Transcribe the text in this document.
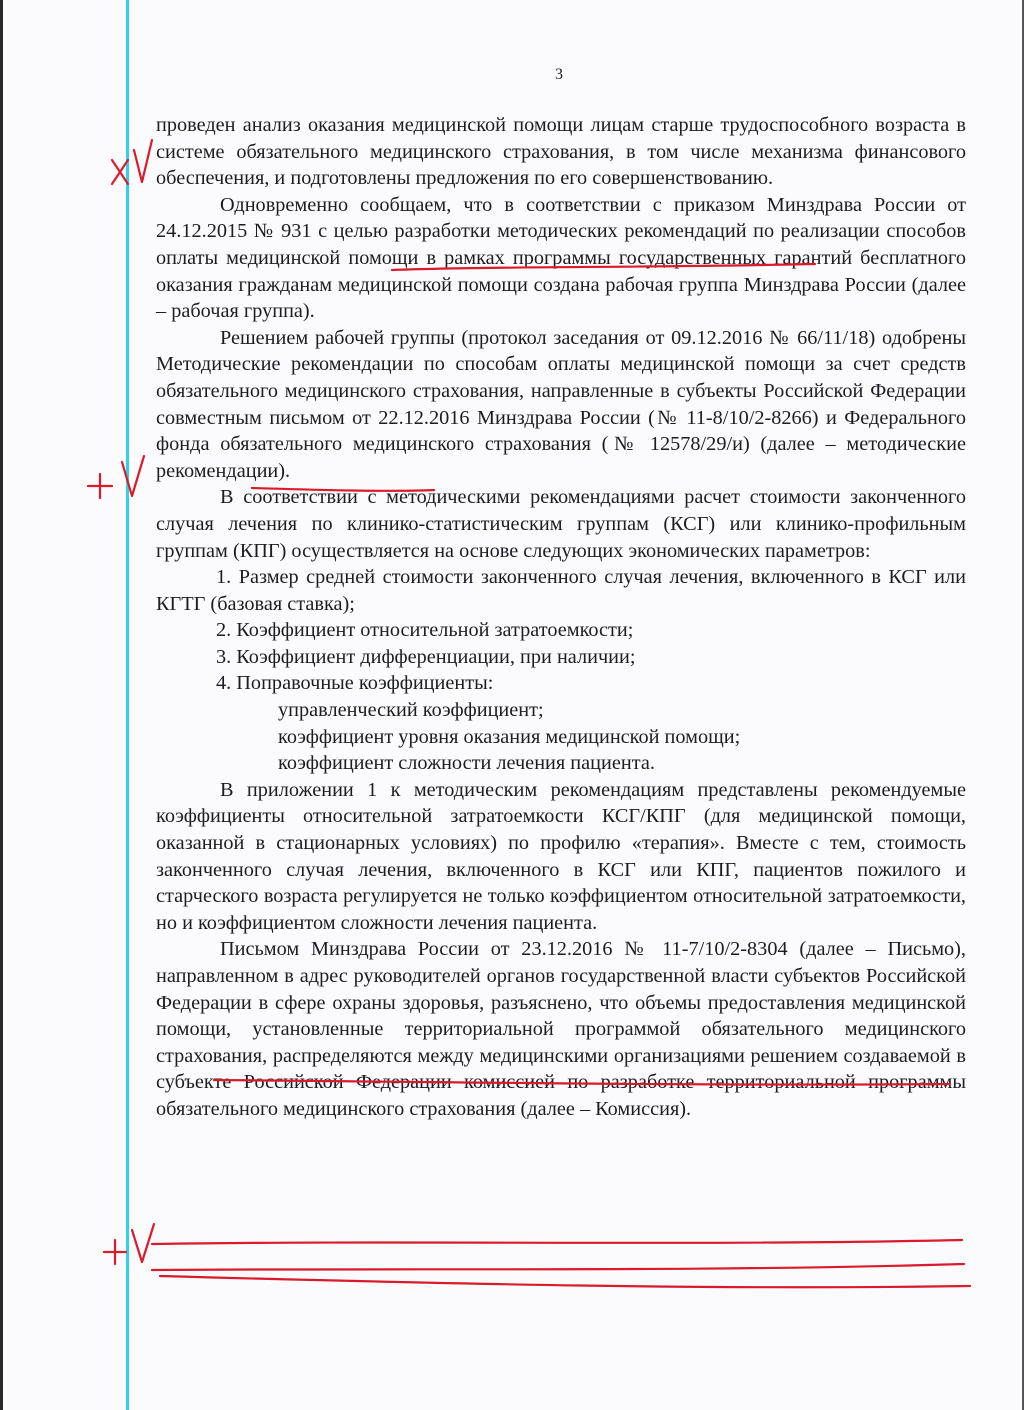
3

проведен анализ оказания медицинской помощи лицам старше трудоспособного возраста в системе обязательного медицинского страхования, в том числе механизма финансового обеспечения, и подготовлены предложения по его совершенствованию.

Одновременно сообщаем, что в соответствии с приказом Минздрава России от 24.12.2015 № 931 с целью разработки методических рекомендаций по реализации способов оплаты медицинской помощи в рамках программы государственных гарантий бесплатного оказания гражданам медицинской помощи создана рабочая группа Минздрава России (далее – рабочая группа).

Решением рабочей группы (протокол заседания от 09.12.2016 № 66/11/18) одобрены Методические рекомендации по способам оплаты медицинской помощи за счет средств обязательного медицинского страхования, направленные в субъекты Российской Федерации совместным письмом от 22.12.2016 Минздрава России (№ 11-8/10/2-8266) и Федерального фонда обязательного медицинского страхования (№ 12578/29/и) (далее – методические рекомендации).

В соответствии с методическими рекомендациями расчет стоимости законченного случая лечения по клинико-статистическим группам (КСГ) или клинико-профильным группам (КПГ) осуществляется на основе следующих экономических параметров:

1. Размер средней стоимости законченного случая лечения, включенного в КСГ или КГТГ (базовая ставка);

2. Коэффициент относительной затратоемкости;

3. Коэффициент дифференциации, при наличии;

4. Поправочные коэффициенты:

управленческий коэффициент;

коэффициент уровня оказания медицинской помощи;

коэффициент сложности лечения пациента.

В приложении 1 к методическим рекомендациям представлены рекомендуемые коэффициенты относительной затратоемкости КСГ/КПГ (для медицинской помощи, оказанной в стационарных условиях) по профилю «терапия». Вместе с тем, стоимость законченного случая лечения, включенного в КСГ или КПГ, пациентов пожилого и старческого возраста регулируется не только коэффициентом относительной затратоемкости, но и коэффициентом сложности лечения пациента.

Письмом Минздрава России от 23.12.2016 № 11-7/10/2-8304 (далее – Письмо), направленном в адрес руководителей органов государственной власти субъектов Российской Федерации в сфере охраны здоровья, разъяснено, что объемы предоставления медицинской помощи, установленные территориальной программой обязательного медицинского страхования, распределяются между медицинскими организациями решением создаваемой в субъекте Российской Федерации комиссией по разработке территориальной программы обязательного медицинского страхования (далее – Комиссия).
